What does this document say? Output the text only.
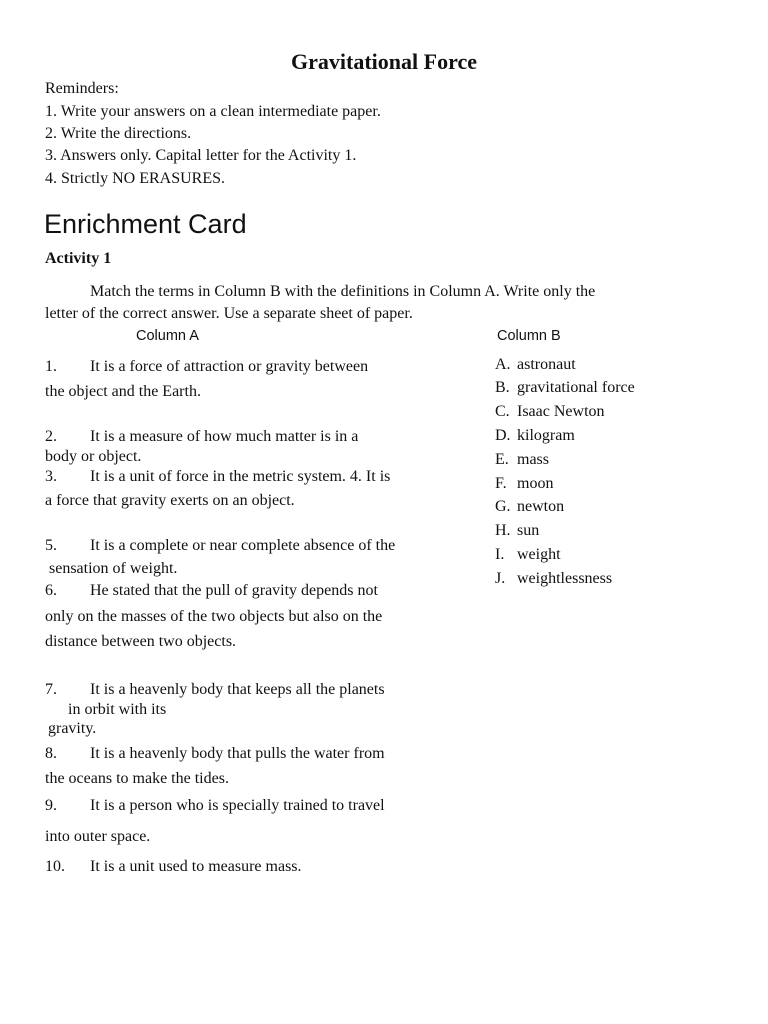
Gravitational Force
Reminders:
1. Write your answers on a clean intermediate paper.
2. Write the directions.
3. Answers only. Capital letter for the Activity 1.
4. Strictly NO ERASURES.
Enrichment Card
Activity 1
Match the terms in Column B with the definitions in Column A. Write only the
letter of the correct answer. Use a separate sheet of paper.
Column A	Column B
1. It is a force of attraction or gravity between
the object and the Earth.
2. It is a measure of how much matter is in a
body or object.
3. It is a unit of force in the metric system. 4. It is
a force that gravity exerts on an object.
5. It is a complete or near complete absence of the
sensation of weight.
6. He stated that the pull of gravity depends not
only on the masses of the two objects but also on the
distance between two objects.
7. It is a heavenly body that keeps all the planets
in orbit with its
gravity.
8. It is a heavenly body that pulls the water from
the oceans to make the tides.
9. It is a person who is specially trained to travel
into outer space.
10. It is a unit used to measure mass.
A. astronaut
B. gravitational force
C. Isaac Newton
D. kilogram
E. mass
F. moon
G. newton
H. sun
I. weight
J. weightlessness
